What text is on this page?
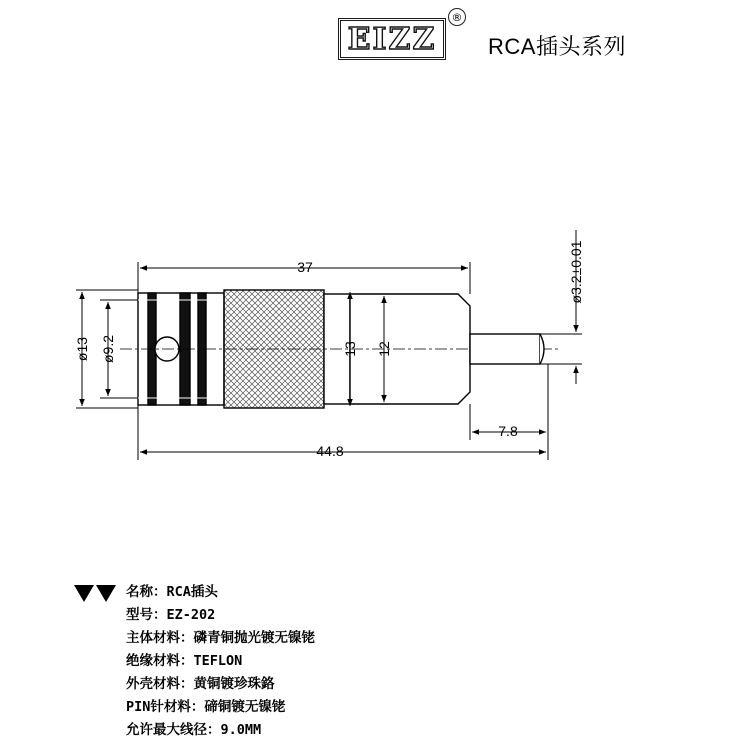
EIZZ
®
RCA插头系列
37
44.8
7.8
ø13 ø9.2	13 12
ø3.2±0.01
名称：RCA插头
型号：EZ-202
主体材料：磷青铜抛光镀无镍铑
绝缘材料：TEFLON
外壳材料：黄铜镀珍珠鉻
PIN针材料：碲铜镀无镍铑
允许最大线径：9.0MM
